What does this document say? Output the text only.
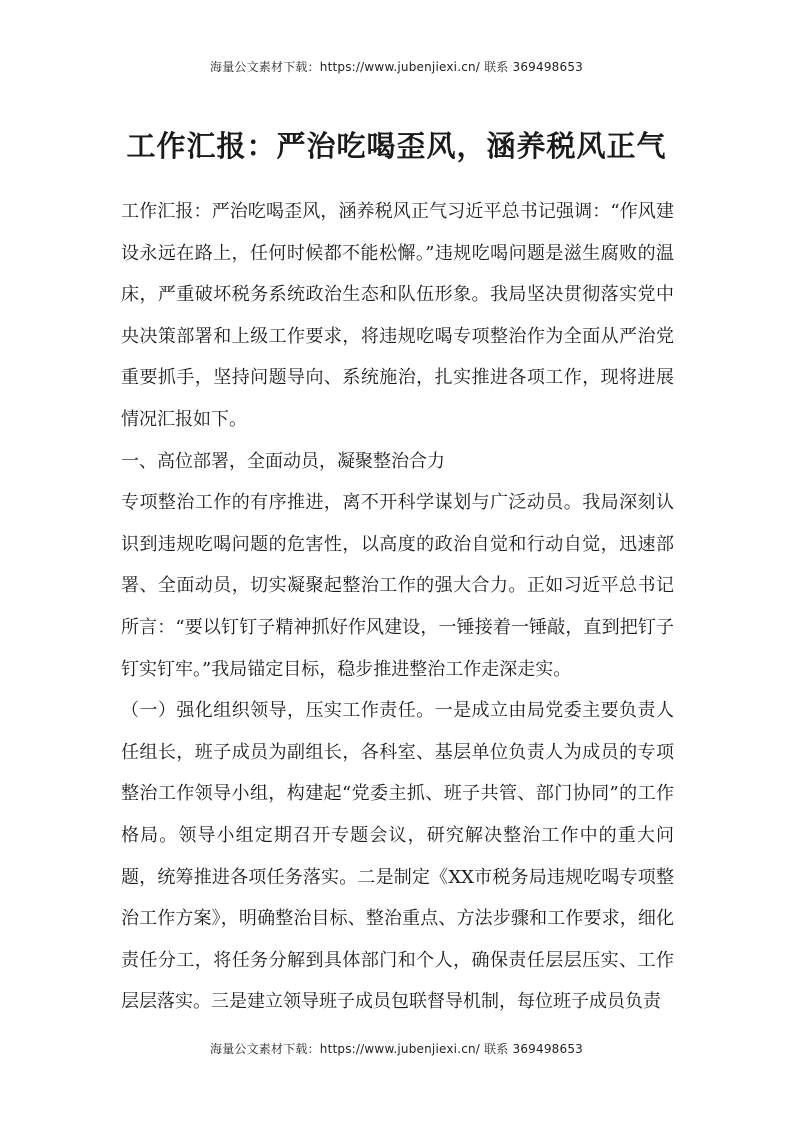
海量公文素材下载：https://www.jubenjiexi.cn/ 联系 369498653
工作汇报：严治吃喝歪风，涵养税风正气

工作汇报：严治吃喝歪风，涵养税风正气习近平总书记强调：“作风建设永远在路上，任何时候都不能松懈。”违规吃喝问题是滋生腐败的温床，严重破坏税务系统政治生态和队伍形象。我局坚决贯彻落实党中央决策部署和上级工作要求，将违规吃喝专项整治作为全面从严治党重要抓手，坚持问题导向、系统施治，扎实推进各项工作，现将进展情况汇报如下。

一、高位部署，全面动员，凝聚整治合力

专项整治工作的有序推进，离不开科学谋划与广泛动员。我局深刻认识到违规吃喝问题的危害性，以高度的政治自觉和行动自觉，迅速部署、全面动员，切实凝聚起整治工作的强大合力。正如习近平总书记所言：“要以钉钉子精神抓好作风建设，一锤接着一锤敲，直到把钉子钉实钉牢。”我局锚定目标，稳步推进整治工作走深走实。

（一）强化组织领导，压实工作责任。一是成立由局党委主要负责人任组长，班子成员为副组长，各科室、基层单位负责人为成员的专项整治工作领导小组，构建起“党委主抓、班子共管、部门协同”的工作格局。领导小组定期召开专题会议，研究解决整治工作中的重大问题，统筹推进各项任务落实。二是制定《XX市税务局违规吃喝专项整治工作方案》，明确整治目标、整治重点、方法步骤和工作要求，细化责任分工，将任务分解到具体部门和个人，确保责任层层压实、工作层层落实。三是建立领导班子成员包联督导机制，每位班子成员负责

海量公文素材下载：https://www.jubenjiexi.cn/ 联系 369498653
